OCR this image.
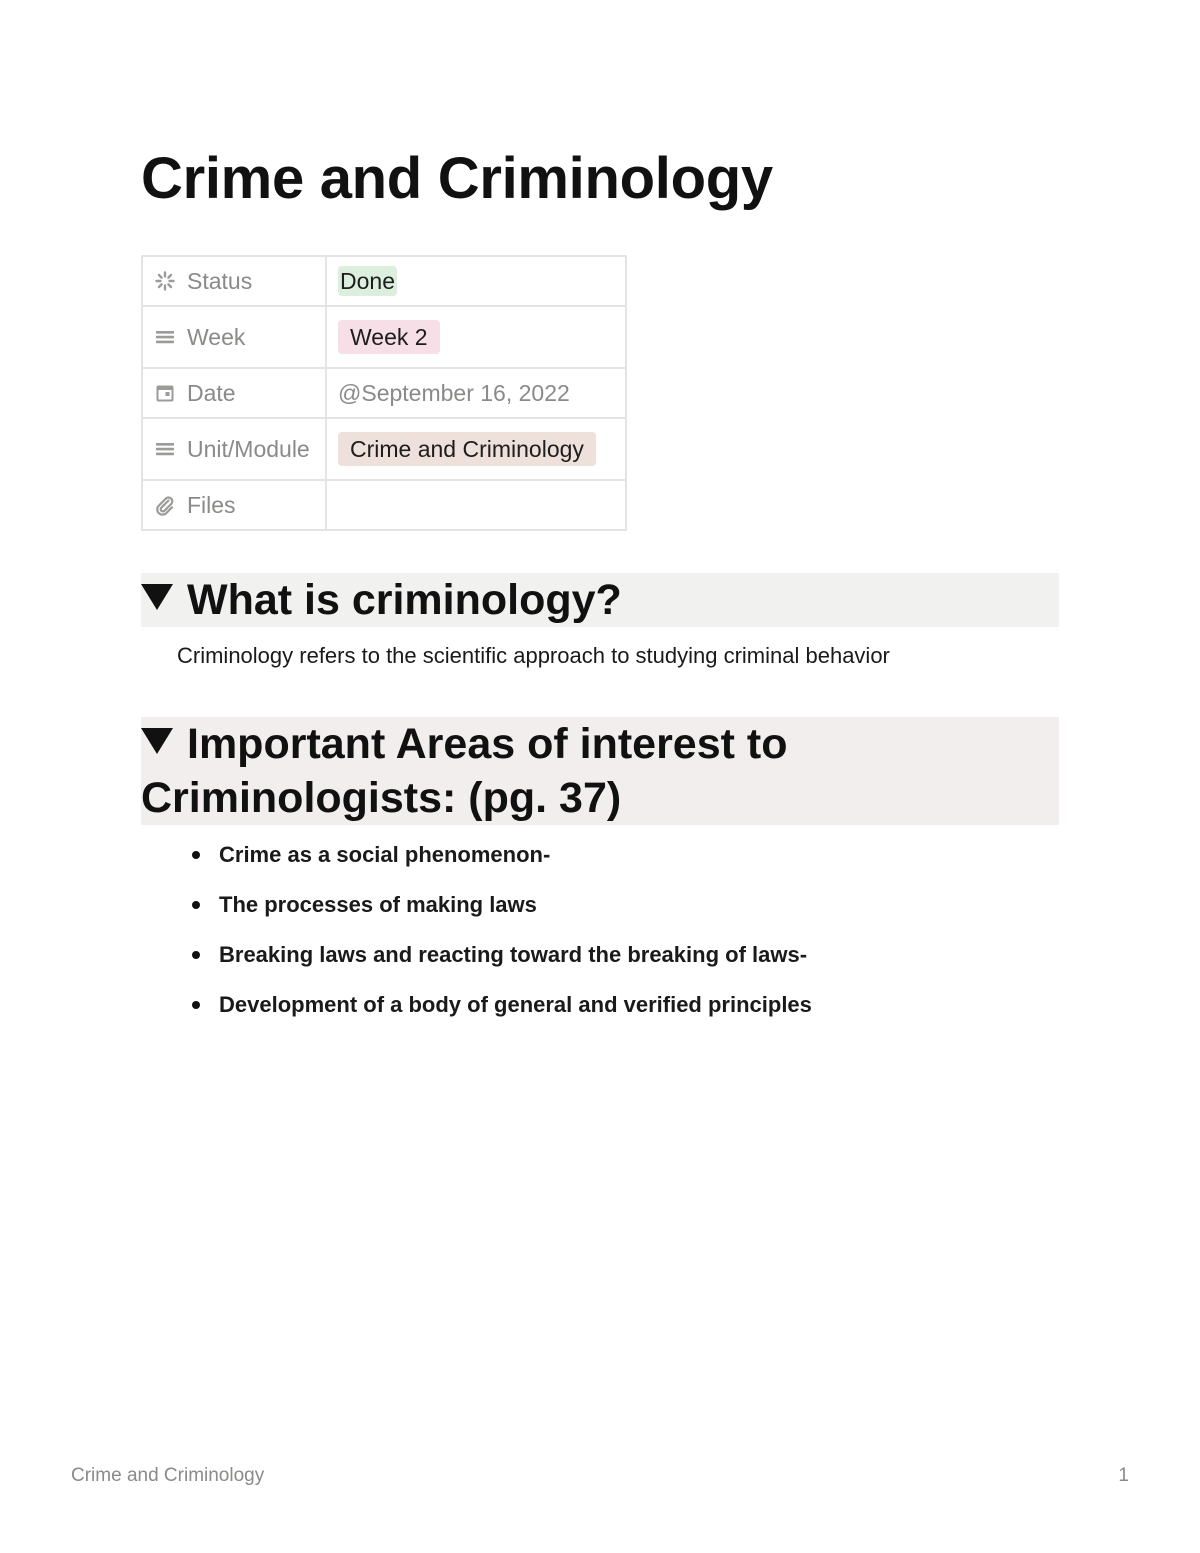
Crime and Criminology
Status	Done

Week	Week 2

Date	@September 16, 2022

Unit/Module	Crime and Criminology

Files	

What is criminology?

Criminology refers to the scientific approach to studying criminal behavior

Important Areas of interest to
Criminologists: (pg. 37)
Crime as a social phenomenon-
The processes of making laws
Breaking laws and reacting toward the breaking of laws-
Development of a body of general and verified principles
Crime and Criminology	1
